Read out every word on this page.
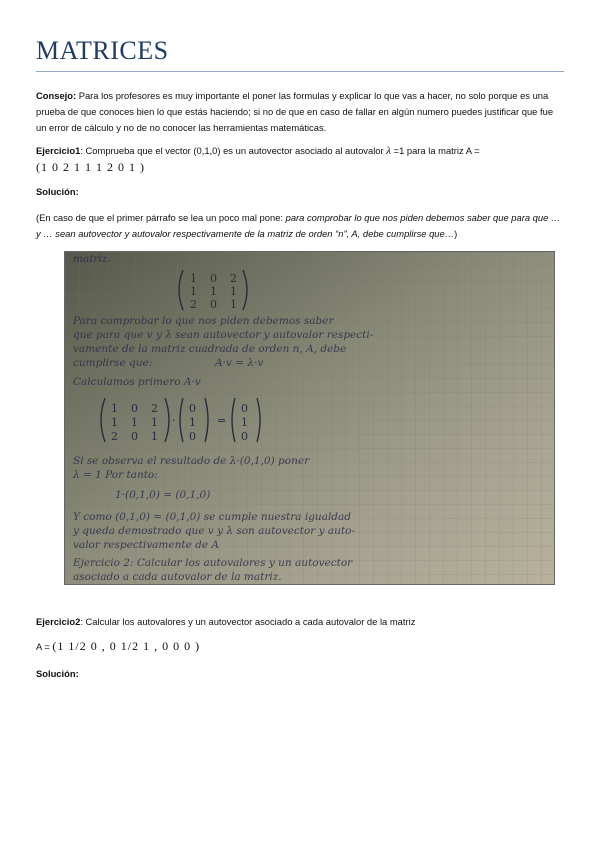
MATRICES

Consejo: Para los profesores es muy importante el poner las formulas y explicar lo que vas a hacer, no solo porque es una prueba de que conoces bien lo que estás haciendo; si no de que en caso de fallar en algún numero puedes justificar que fue un error de cálculo y no de no conocer las herramientas matemáticas.

Ejercicio1: Comprueba que el vector (0,1,0) es un autovector asociado al autovalor λ =1 para la matriz A =
(1 0 2 1 1 1 2 0 1 )

Solución:

(En caso de que el primer párrafo se lea un poco mal pone: para comprobar lo que nos piden debemos saber que para que … y … sean autovector y autovalor respectivamente de la matriz de orden “n”, A, debe cumplirse que…)

1 0 2
1 1 1
2 0 1
1 0 2
1 1 1
2 0 1
0
1
0
=
0
1
0
·
matriz.
Para comprobar lo que nos piden debemos saber
que para que v y λ sean autovector y autovalor respecti-
vamente de la matriz cuadrada de orden n, A, debe
cumplirse que:	A·v = λ·v
Calculamos primero A·v
Si se observa el resultado de λ·(0,1,0) poner
λ = 1 Por tanto:
1·(0,1,0) = (0,1,0)
Y como (0,1,0) = (0,1,0) se cumple nuestra igualdad
y queda demostrado que v y λ son autovector y auto-
valor respectivamente de A
Ejercicio 2: Calcular los autovalores y un autovector
asociado a cada autovalor de la matriz.

Ejercicio2: Calcular los autovalores y un autovector asociado a cada autovalor de la matriz

A = (1 1/2 0 , 0 1/2 1 , 0 0 0 )

Solución:
